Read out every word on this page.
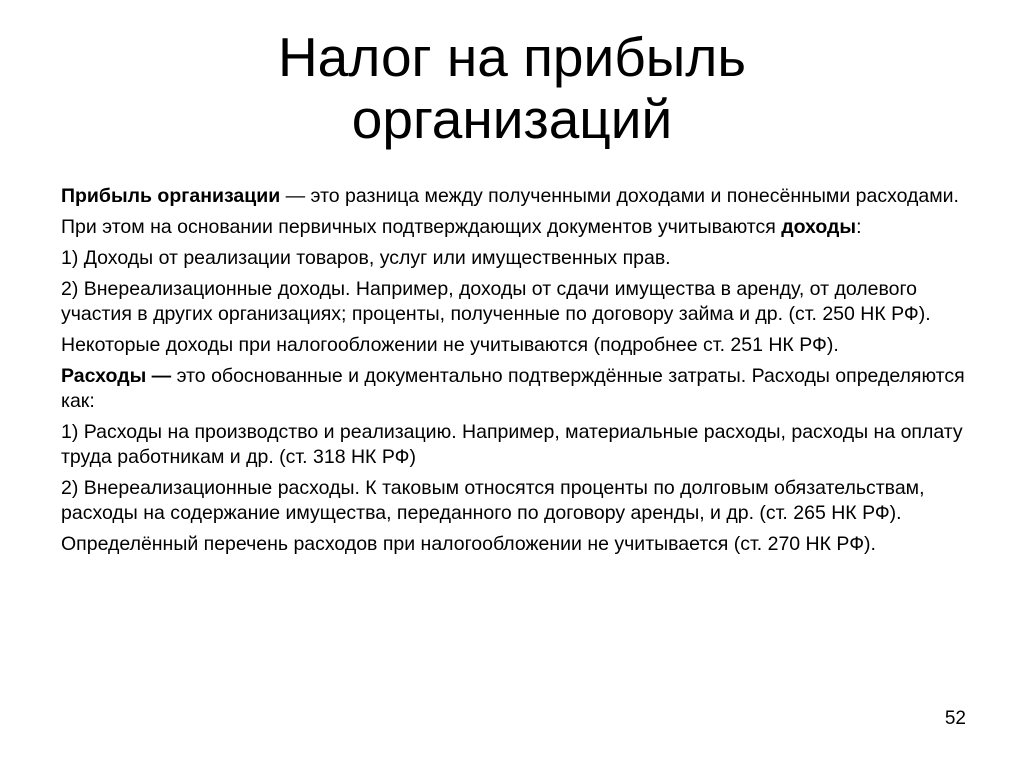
Налог на прибыль
организаций

Прибыль организации — это разница между полученными доходами и понесёнными расходами.

При этом на основании первичных подтверждающих документов учитываются доходы:

1) Доходы от реализации товаров, услуг или имущественных прав.

2) Внереализационные доходы. Например, доходы от сдачи имущества в аренду, от долевого участия в других организациях; проценты, полученные по договору займа и др. (ст. 250 НК РФ).

Некоторые доходы при налогообложении не учитываются (подробнее ст. 251 НК РФ).

Расходы — это обоснованные и документально подтверждённые затраты. Расходы определяются как:

1) Расходы на производство и реализацию. Например, материальные расходы, расходы на оплату труда работникам и др. (ст. 318 НК РФ)

2) Внереализационные расходы. К таковым относятся проценты по долговым обязательствам, расходы на содержание имущества, переданного по договору аренды, и др. (ст. 265 НК РФ).

Определённый перечень расходов при налогообложении не учитывается (ст. 270 НК РФ).

52
